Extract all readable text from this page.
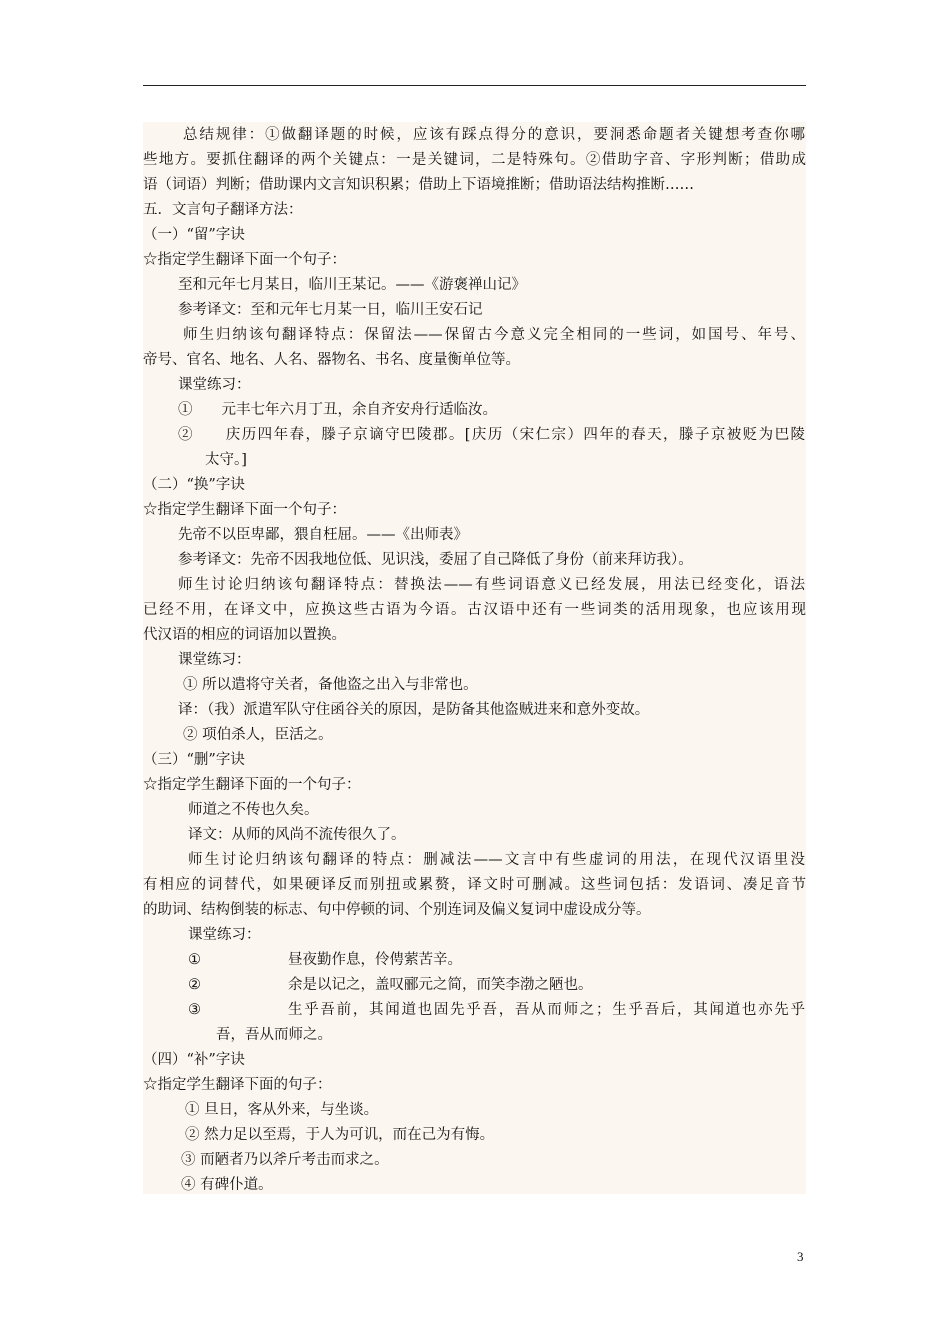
总结规律：①做翻译题的时候，应该有踩点得分的意识，要洞悉命题者关键想考查你哪
些地方。要抓住翻译的两个关键点：一是关键词，二是特殊句。②借助字音、字形判断；借助成
语（词语）判断；借助课内文言知识积累；借助上下语境推断；借助语法结构推断……
五．文言句子翻译方法：
（一）“留”字诀
☆指定学生翻译下面一个句子：
至和元年七月某日，临川王某记。——《游褒禅山记》
参考译文：至和元年七月某一日，临川王安石记
师生归纳该句翻译特点：保留法——保留古今意义完全相同的一些词，如国号、年号、
帝号、官名、地名、人名、器物名、书名、度量衡单位等。
课堂练习：
①　　元丰七年六月丁丑，余自齐安舟行适临汝。
②　　庆历四年春，滕子京谪守巴陵郡。[庆历（宋仁宗）四年的春天，滕子京被贬为巴陵
太守。]
（二）“换”字诀
☆指定学生翻译下面一个句子：
先帝不以臣卑鄙，猥自枉屈。——《出师表》
参考译文：先帝不因我地位低、见识浅，委屈了自己降低了身份（前来拜访我）。
师生讨论归纳该句翻译特点：替换法——有些词语意义已经发展，用法已经变化，语法
已经不用，在译文中，应换这些古语为今语。古汉语中还有一些词类的活用现象，也应该用现
代汉语的相应的词语加以置换。
课堂练习：
① 所以遣将守关者，备他盗之出入与非常也。
译：（我）派遣军队守住函谷关的原因，是防备其他盗贼进来和意外变故。
② 项伯杀人，臣活之。
（三）“删”字诀
☆指定学生翻译下面的一个句子：
师道之不传也久矣。
译文：从师的风尚不流传很久了。
师生讨论归纳该句翻译的特点：删减法——文言中有些虚词的用法，在现代汉语里没
有相应的词替代，如果硬译反而别扭或累赘，译文时可删减。这些词包括：发语词、凑足音节
的助词、结构倒装的标志、句中停顿的词、个别连词及偏义复词中虚设成分等。
课堂练习：
①	昼夜勤作息，伶俜萦苦辛。
②	余是以记之，盖叹郦元之简，而笑李渤之陋也。
③	生乎吾前，其闻道也固先乎吾，吾从而师之；生乎吾后，其闻道也亦先乎
吾，吾从而师之。
（四）“补”字诀
☆指定学生翻译下面的句子：
① 旦日，客从外来，与坐谈。
② 然力足以至焉，于人为可讥，而在己为有悔。
③ 而陋者乃以斧斤考击而求之。
④ 有碑仆道。
3
